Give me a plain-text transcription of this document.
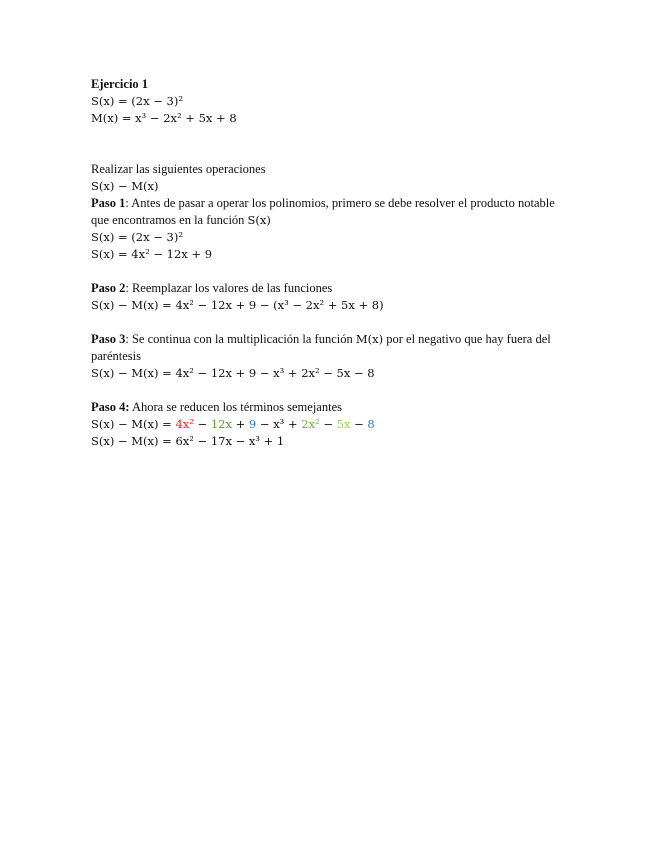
Ejercicio 1
S(x) = (2x − 3)²
M(x) = x³ − 2x² + 5x + 8
Realizar las siguientes operaciones
S(x) − M(x)
Paso 1: Antes de pasar a operar los polinomios, primero se debe resolver el producto notable que encontramos en la función S(x)
S(x) = (2x − 3)²
S(x) = 4x² − 12x + 9
Paso 2: Reemplazar los valores de las funciones
S(x) − M(x) = 4x² − 12x + 9 − (x³ − 2x² + 5x + 8)
Paso 3: Se continua con la multiplicación la función M(x) por el negativo que hay fuera del paréntesis
S(x) − M(x) = 4x² − 12x + 9 − x³ + 2x² − 5x − 8
Paso 4: Ahora se reducen los términos semejantes
S(x) − M(x) = 4x² − 12x + 9 − x³ + 2x² − 5x − 8
S(x) − M(x) = 6x² − 17x − x³ + 1
